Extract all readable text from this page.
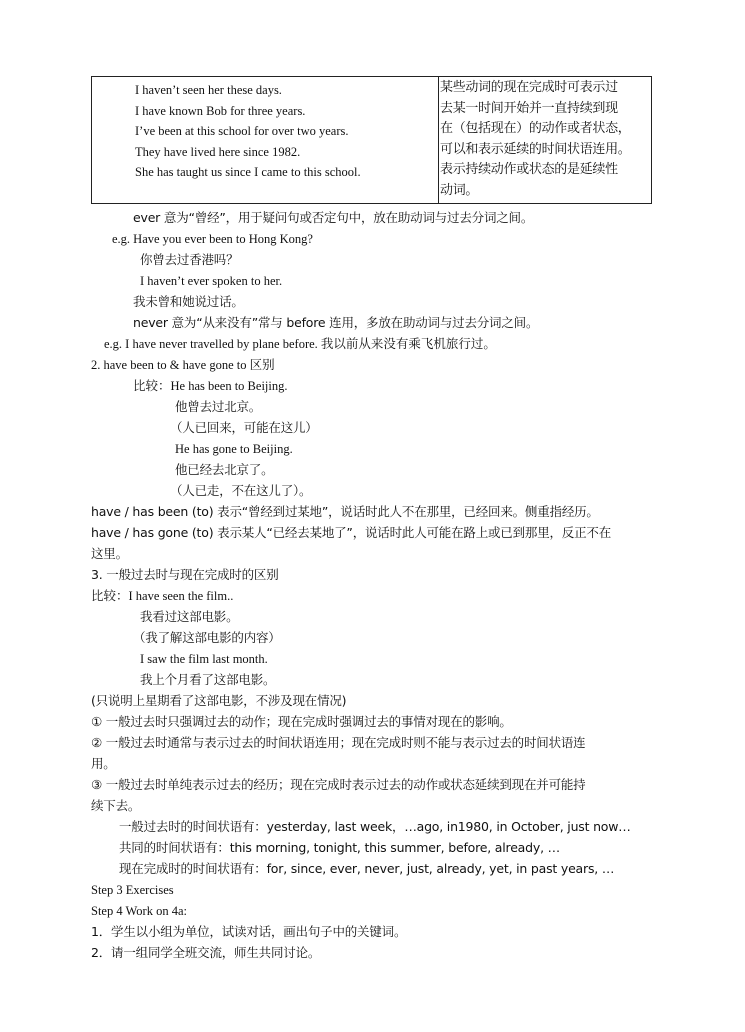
I haven’t seen her these days.
I have known Bob for three years.
I’ve been at this school for over two years.
They have lived here since 1982.
She has taught us since I came to this school.
某些动词的现在完成时可表示过
去某一时间开始并一直持续到现
在（包括现在）的动作或者状态，
可以和表示延续的时间状语连用。
表示持续动作或状态的是延续性
动词。
ever 意为“曾经”，用于疑问句或否定句中，放在助动词与过去分词之间。
e.g. Have you ever been to Hong Kong?
你曾去过香港吗？
I haven’t ever spoken to her.
我未曾和她说过话。
never 意为“从来没有”常与 before 连用，多放在助动词与过去分词之间。
e.g. I have never travelled by plane before. 我以前从来没有乘飞机旅行过。
2. have been to & have gone to 区别
比较：He has been to Beijing.
他曾去过北京。
（人已回来，可能在这儿）
He has gone to Beijing.
他已经去北京了。
（人已走，不在这儿了）。
have / has been (to) 表示“曾经到过某地”，说话时此人不在那里，已经回来。侧重指经历。
have / has gone (to) 表示某人“已经去某地了”，说话时此人可能在路上或已到那里，反正不在
这里。
3. 一般过去时与现在完成时的区别
比较：I have seen the film..
我看过这部电影。
（我了解这部电影的内容）
I saw the film last month.
我上个月看了这部电影。
(只说明上星期看了这部电影，不涉及现在情况)
① 一般过去时只强调过去的动作；现在完成时强调过去的事情对现在的影响。
② 一般过去时通常与表示过去的时间状语连用；现在完成时则不能与表示过去的时间状语连
用。
③ 一般过去时单纯表示过去的经历；现在完成时表示过去的动作或状态延续到现在并可能持
续下去。
一般过去时的时间状语有：yesterday, last week，…ago, in1980, in October, just now…
共同的时间状语有：this morning, tonight, this summer, before, already, …
现在完成时的时间状语有：for, since, ever, never, just, already, yet, in past years, …
Step 3 Exercises
Step 4 Work on 4a:
1．学生以小组为单位，试读对话，画出句子中的关键词。
2．请一组同学全班交流，师生共同讨论。
